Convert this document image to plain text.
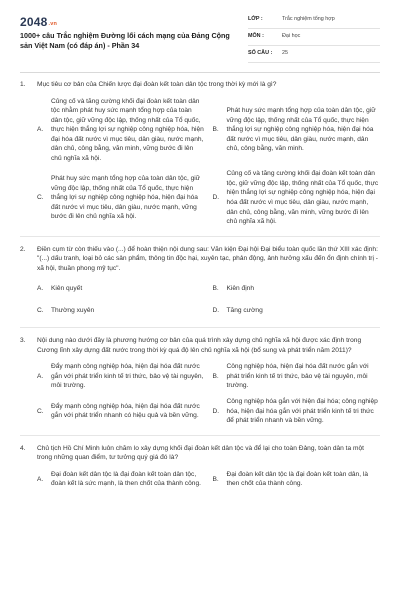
2048.vn
1000+ câu Trắc nghiệm Đường lối cách mạng của Đảng Cộng sản Việt Nam (có đáp án) - Phần 34
LỚP :	Trắc nghiệm tổng hợp
MÔN :	Đại học
SỐ CÂU :	25
1.	Mục tiêu cơ bản của Chiến lược đại đoàn kết toàn dân tộc trong thời kỳ mới là gì?
A.
Củng cố và tăng cường khối đại đoàn kết toàn dân tộc nhằm phát huy sức mạnh tổng hợp của toàn dân tộc, giữ vững độc lập, thống nhất của Tổ quốc, thực hiện thắng lợi sự nghiệp công nghiệp hóa, hiện đại hóa đất nước vì mục tiêu, dân giàu, nước mạnh, dân chủ, công bằng, văn minh, vững bước đi lên chủ nghĩa xã hội.
B.
Phát huy sức mạnh tổng hợp của toàn dân tộc, giữ vững độc lập, thống nhất của Tổ quốc, thực hiện thắng lợi sự nghiệp công nghiệp hóa, hiện đại hóa đất nước vì mục tiêu, dân giàu, nước mạnh, dân chủ, công bằng, văn minh.
C.
Phát huy sức mạnh tổng hợp của toàn dân tộc, giữ vững độc lập, thống nhất của Tổ quốc, thực hiện thắng lợi sự nghiệp công nghiệp hóa, hiện đại hóa đất nước vì mục tiêu, dân giàu, nước mạnh, vững bước đi lên chủ nghĩa xã hội.
D.
Củng cố và tăng cường khối đại đoàn kết toàn dân tộc, giữ vững độc lập, thống nhất của Tổ quốc, thực hiện thắng lợi sự nghiệp công nghiệp hóa, hiện đại hóa đất nước vì mục tiêu, dân giàu, nước mạnh, dân chủ, công bằng, văn minh, vững bước đi lên chủ nghĩa xã hội.
2.	Điền cụm từ còn thiếu vào (...) để hoàn thiện nội dung sau: Văn kiện Đại hội Đại biểu toàn quốc lần thứ XIII xác định: "(...) dấu tranh, loại bỏ các sản phẩm, thông tin độc hại, xuyên tạc, phản động, ảnh hưởng xấu đến ổn định chính trị - xã hội, thuần phong mỹ tục".
A.	Kiên quyết	B.	Kiên định
C.	Thường xuyên	D.	Tăng cường
3.	Nội dung nào dưới đây là phương hướng cơ bản của quá trình xây dựng chủ nghĩa xã hội được xác định trong Cương lĩnh xây dựng đất nước trong thời kỳ quá độ lên chủ nghĩa xã hội (bổ sung và phát triển năm 2011)?
A.
Đẩy mạnh công nghiệp hóa, hiện đại hóa đất nước gắn với phát triển kinh tế tri thức, bảo vệ tài nguyên, môi trường.
B.
Công nghiệp hóa, hiện đại hóa đất nước gắn với phát triển kinh tế tri thức, bảo vệ tài nguyên, môi trường.
C.
Đẩy mạnh công nghiệp hóa, hiện đại hóa đất nước gắn với phát triển nhanh có hiệu quả và bền vững.
D.
Công nghiệp hóa gắn với hiện đại hóa; công nghiệp hóa, hiện đại hóa gắn với phát triển kinh tế tri thức để phát triển nhanh và bền vững.
4.	Chủ tịch Hồ Chí Minh luôn chăm lo xây dựng khối đại đoàn kết dân tộc và để lại cho toàn Đảng, toàn dân ta một trong những quan điểm, tư tưởng quý giá đó là?
A.
Đại đoàn kết dân tộc là đại đoàn kết toàn dân tộc, đoàn kết là sức mạnh, là then chốt của thành công.
B.
Đại đoàn kết dân tộc là đại đoàn kết toàn dân, là then chốt của thành công.
